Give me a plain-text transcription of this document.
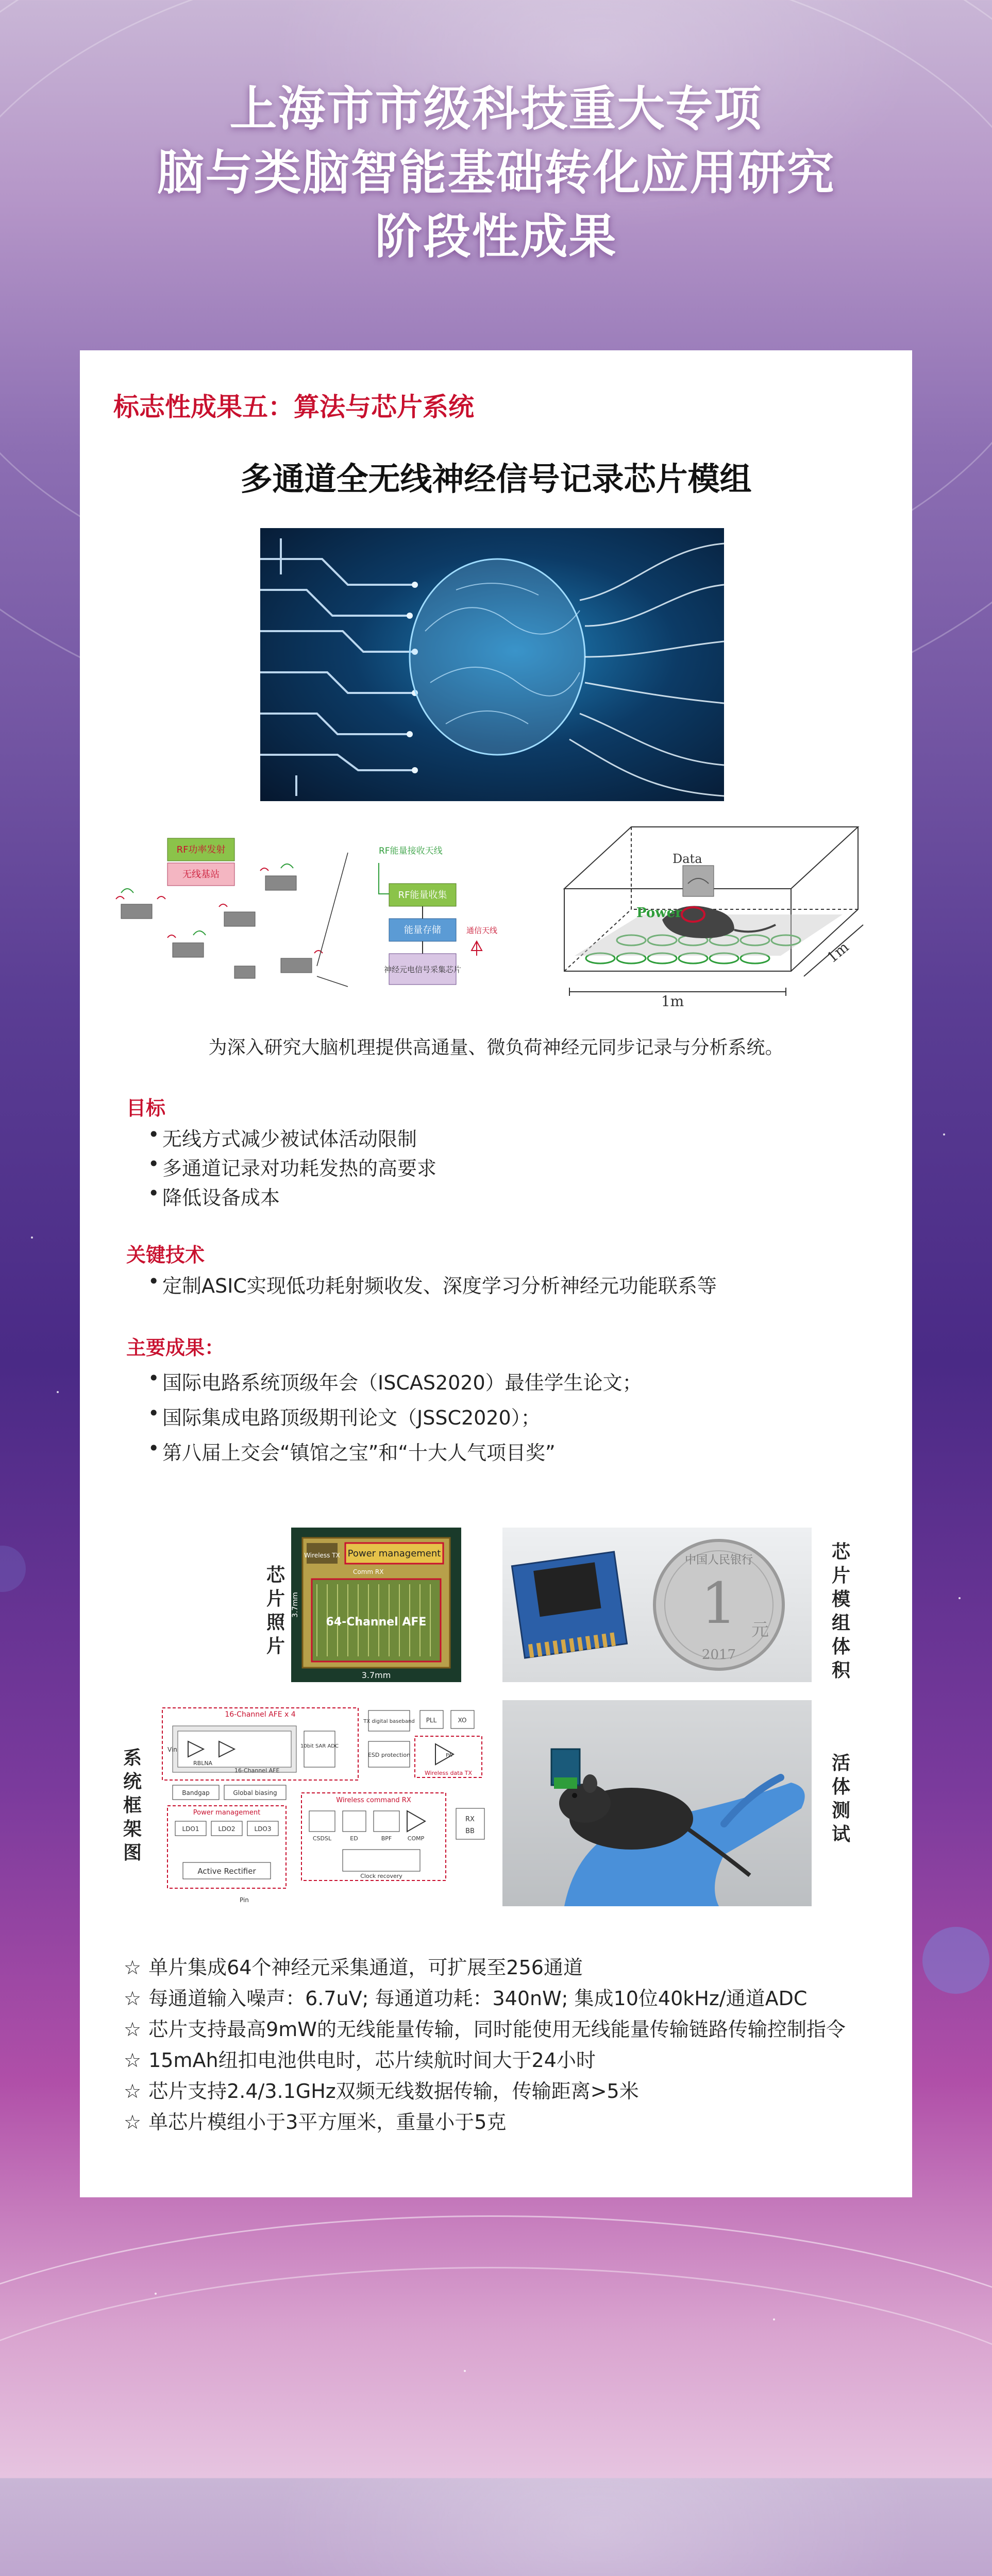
上海市市级科技重大专项
脑与类脑智能基础转化应用研究
阶段性成果
标志性成果五：算法与芯片系统
多通道全无线神经信号记录芯片模组
RF功率发射
无线基站
RF能量接收天线
RF能量收集
能量存储	通信天线
神经元电信号采集芯片
Data
Power
1m
1m
为深入研究大脑机理提供高通量、微负荷神经元同步记录与分析系统。
目标
• 无线方式减少被试体活动限制
• 多通道记录对功耗发热的高要求
• 降低设备成本
关键技术
• 定制ASIC实现低功耗射频收发、深度学习分析神经元功能联系等
主要成果：
• 国际电路系统顶级年会（ISCAS2020）最佳学生论文；
• 国际集成电路顶级期刊论文（JSSC2020）；
• 第八届上交会“镇馆之宝”和“十大人气项目奖”
芯片照片
Wireless TX Power management
Comm RX
64-Channel AFE
3.7mm
3.7mm
中国人民银行
1 元
2017
芯片模组体积
系统框架图
16-Channel AFE x 4
RBLNA
16-Channel AFE
10bit SAR ADC
Vin
TX digital baseband PLL	XO
ESD protection	PA
Wireless data TX
Bandgap	Global biasing
Power management
LDO1	LDO2	LDO3
Active Rectifier
Pin
Wireless command RX
CSDSL	ED	BPF	COMP
Clock recovery
RX
BB
活体测试
☆ 单片集成64个神经元采集通道，可扩展至256通道
☆ 每通道输入噪声：6.7uV; 每通道功耗：340nW; 集成10位40kHz/通道ADC
☆ 芯片支持最高9mW的无线能量传输，同时能使用无线能量传输链路传输控制指令
☆ 15mAh纽扣电池供电时，芯片续航时间大于24小时
☆ 芯片支持2.4/3.1GHz双频无线数据传输，传输距离>5米
☆ 单芯片模组小于3平方厘米，重量小于5克
